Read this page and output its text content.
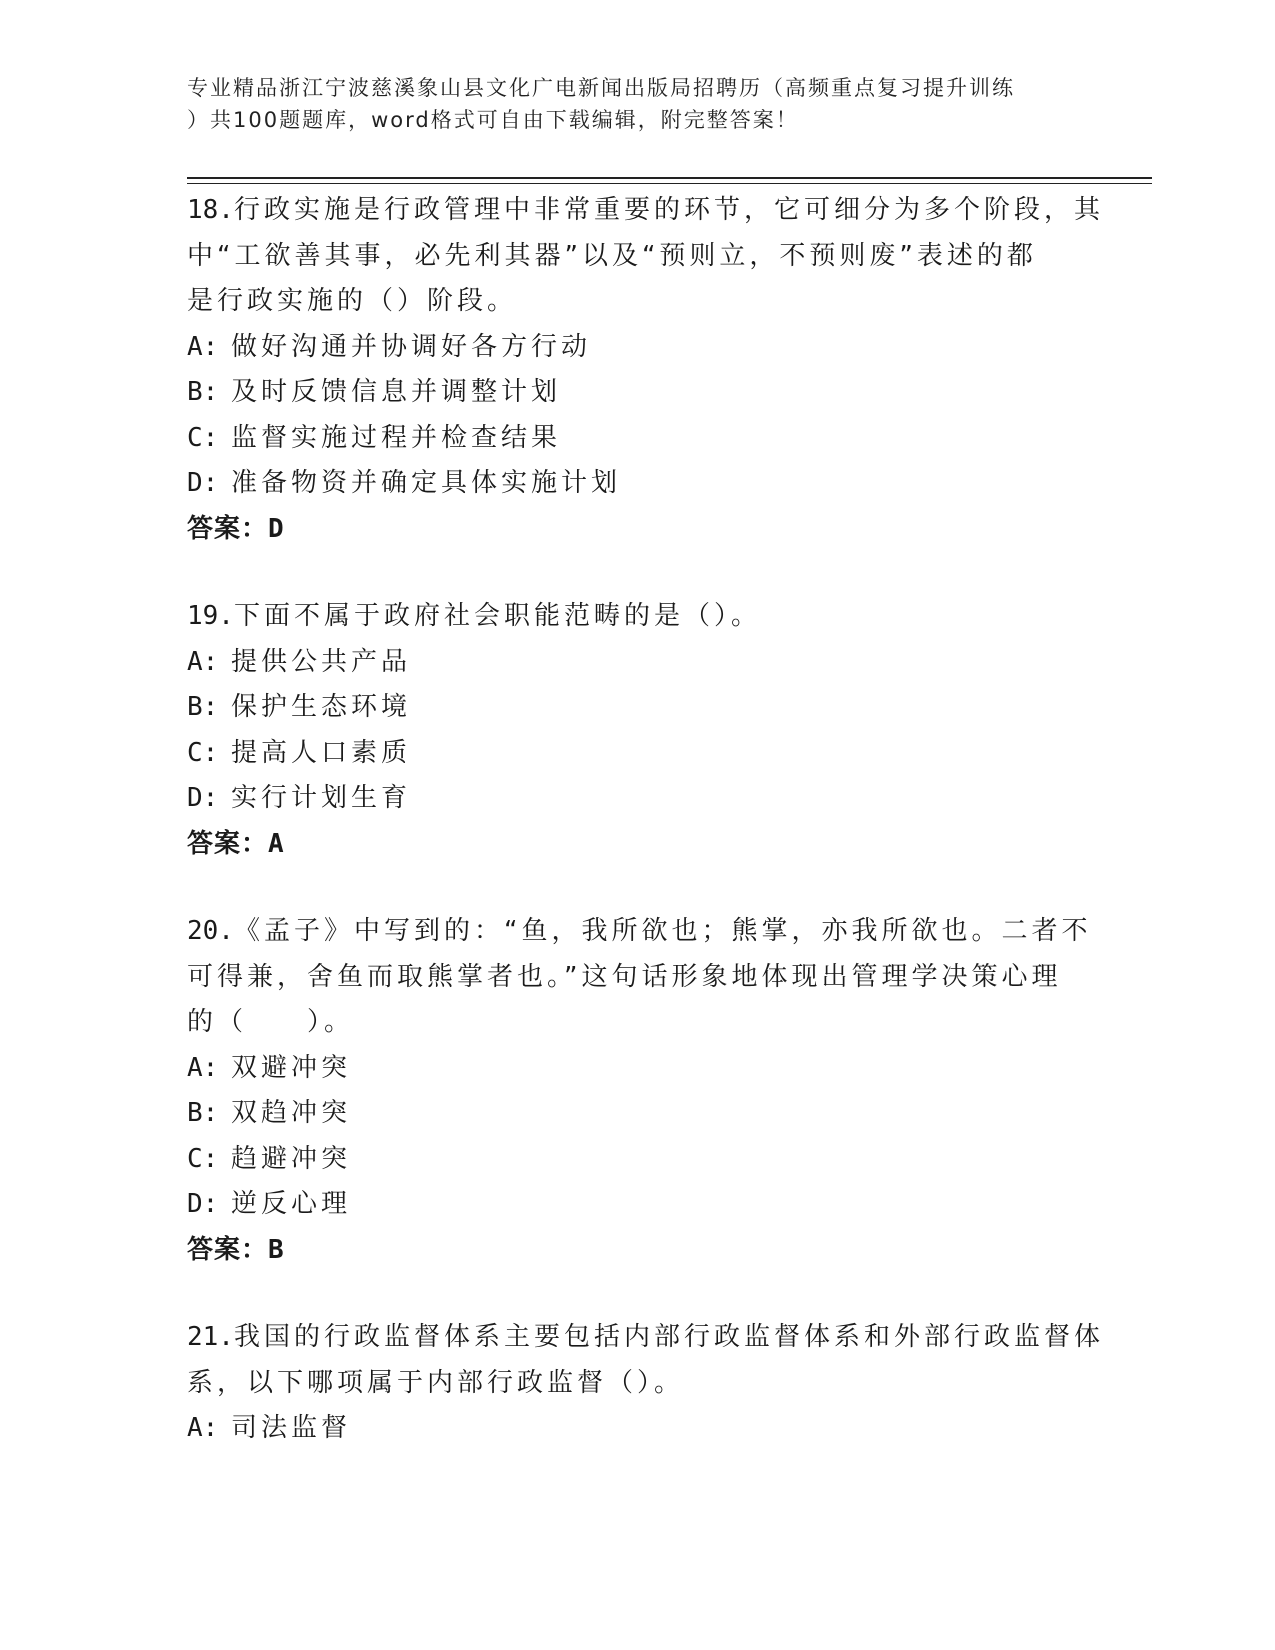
专业精品浙江宁波慈溪象山县文化广电新闻出版局招聘历（高频重点复习提升训练
）共100题题库，word格式可自由下载编辑，附完整答案！

18.行政实施是行政管理中非常重要的环节，它可细分为多个阶段，其

中“工欲善其事，必先利其器”以及“预则立，不预则废”表述的都

是行政实施的（）阶段。

A: 做好沟通并协调好各方行动

B: 及时反馈信息并调整计划

C: 监督实施过程并检查结果

D: 准备物资并确定具体实施计划

答案：D

19.下面不属于政府社会职能范畴的是（）。

A: 提供公共产品

B: 保护生态环境

C: 提高人口素质

D: 实行计划生育

答案：A

20.《孟子》中写到的：“鱼，我所欲也；熊掌，亦我所欲也。二者不

可得兼，舍鱼而取熊掌者也。”这句话形象地体现出管理学决策心理

的（　　）。

A: 双避冲突

B: 双趋冲突

C: 趋避冲突

D: 逆反心理

答案：B

21.我国的行政监督体系主要包括内部行政监督体系和外部行政监督体

系，以下哪项属于内部行政监督（）。

A: 司法监督
